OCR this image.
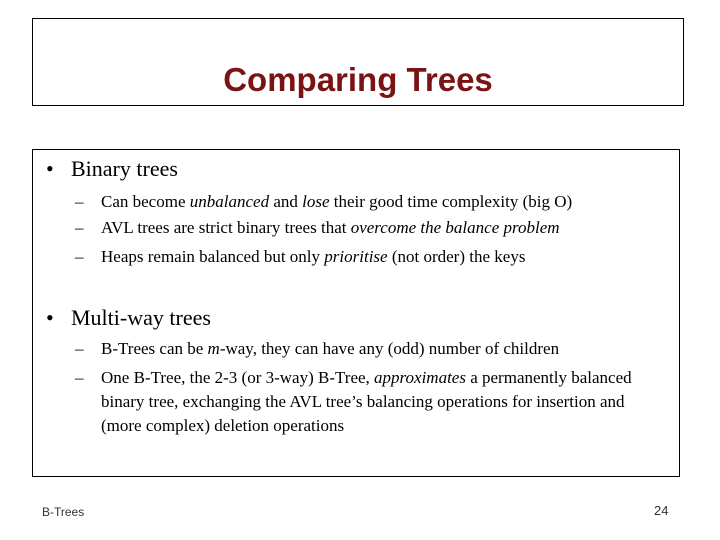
Comparing Trees
• Binary trees
–	Can become unbalanced and lose their good time complexity (big O)
–	AVL trees are strict binary trees that overcome the balance problem
–	Heaps remain balanced but only prioritise (not order) the keys
• Multi-way trees
–	B-Trees can be m-way, they can have any (odd) number of children
–	One B-Tree, the 2-3 (or 3-way) B-Tree, approximates a permanently balanced binary tree, exchanging the AVL tree’s balancing operations for insertion and (more complex) deletion operations
B-Trees	24
